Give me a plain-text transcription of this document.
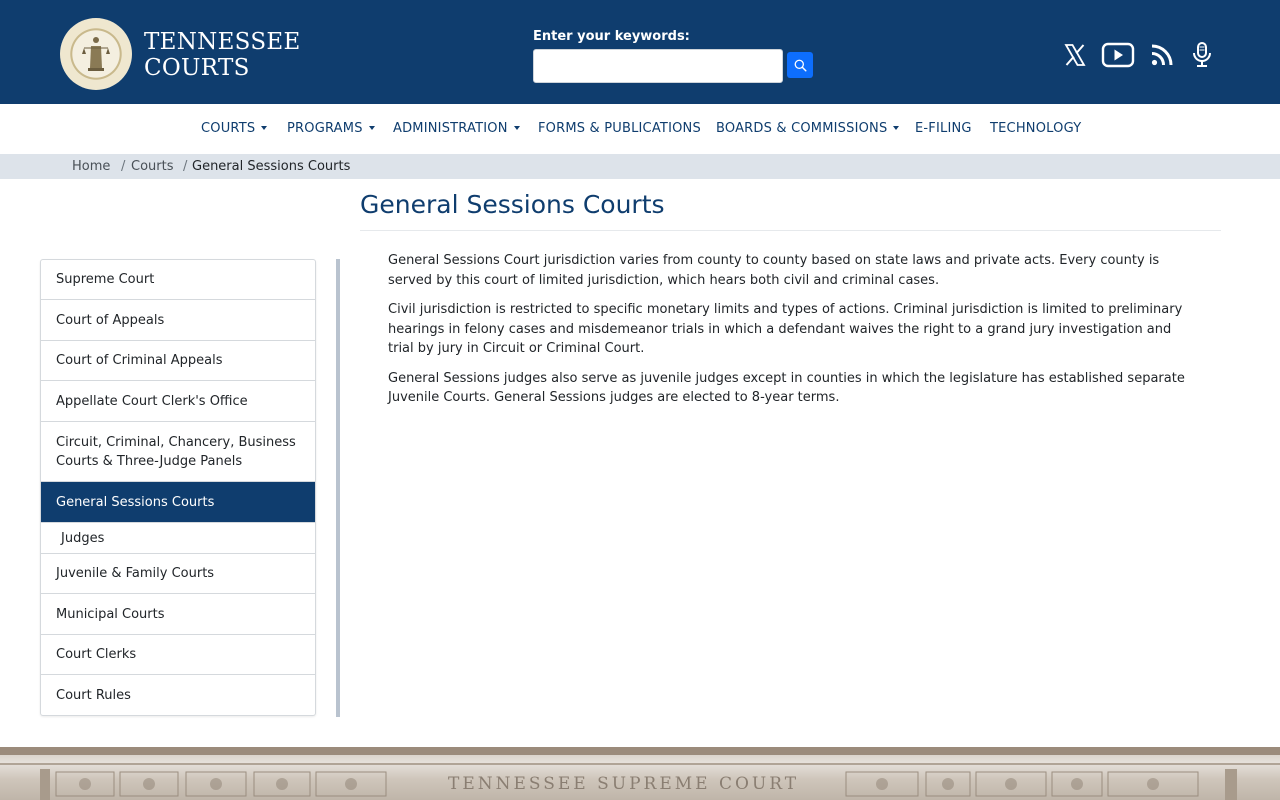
TENNESSEE
COURTS
Enter your keywords:
COURTS	PROGRAMS	ADMINISTRATION	FORMS & PUBLICATIONS BOARDS & COMMISSIONS	E-FILING TECHNOLOGY
Home / Courts / General Sessions Courts
General Sessions Courts
Supreme Court
Court of Appeals
Court of Criminal Appeals
Appellate Court Clerk's Office
Circuit, Criminal, Chancery, Business Courts & Three-Judge Panels
General Sessions Courts
Judges
Juvenile & Family Courts
Municipal Courts
Court Clerks
Court Rules

General Sessions Court jurisdiction varies from county to county based on state laws and private acts. Every county is served by this court of limited jurisdiction, which hears both civil and criminal cases.

Civil jurisdiction is restricted to specific monetary limits and types of actions. Criminal jurisdiction is limited to preliminary hearings in felony cases and misdemeanor trials in which a defendant waives the right to a grand jury investigation and trial by jury in Circuit or Criminal Court.

General Sessions judges also serve as juvenile judges except in counties in which the legislature has established separate Juvenile Courts. General Sessions judges are elected to 8-year terms.

TENNESSEE SUPREME COURT
